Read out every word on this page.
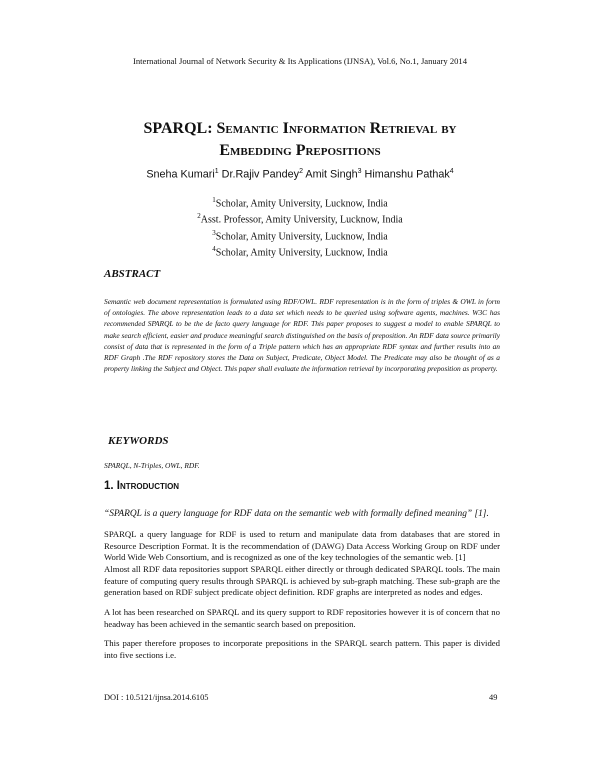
International Journal of Network Security & Its Applications (IJNSA), Vol.6, No.1, January 2014
SPARQL: Semantic Information Retrieval by
Embedding Prepositions
Sneha Kumari$^1$ Dr.Rajiv Pandey$^2$ Amit Singh$^3$ Himanshu Pathak$^4$
$^1$Scholar, Amity University, Lucknow, India
$^2$Asst. Professor, Amity University, Lucknow, India
$^3$Scholar, Amity University, Lucknow, India
$^4$Scholar, Amity University, Lucknow, India
ABSTRACT
Semantic web document representation is formulated using RDF/OWL. RDF representation is in the form of triples & OWL in form of ontologies. The above representation leads to a data set which needs to be queried using software agents, machines. W3C has recommended SPARQL to be the de facto query language for RDF. This paper proposes to suggest a model to enable SPARQL to make search efficient, easier and produce meaningful search distinguished on the basis of preposition. An RDF data source primarily consist of data that is represented in the form of a Triple pattern which has an appropriate RDF syntax and further results into an RDF Graph .The RDF repository stores the Data on Subject, Predicate, Object Model. The Predicate may also be thought of as a property linking the Subject and Object. This paper shall evaluate the information retrieval by incorporating preposition as property.
KEYWORDS
SPARQL, N-Triples, OWL, RDF.
1. Introduction
“SPARQL is a query language for RDF data on the semantic web with formally defined meaning” [1].
SPARQL a query language for RDF is used to return and manipulate data from databases that are stored in Resource Description Format. It is the recommendation of (DAWG) Data Access Working Group on RDF under World Wide Web Consortium, and is recognized as one of the key technologies of the semantic web. [1]
Almost all RDF data repositories support SPARQL either directly or through dedicated SPARQL tools. The main feature of computing query results through SPARQL is achieved by sub-graph matching. These sub-graph are the generation based on RDF subject predicate object definition. RDF graphs are interpreted as nodes and edges.
A lot has been researched on SPARQL and its query support to RDF repositories however it is of concern that no headway has been achieved in the semantic search based on preposition.
This paper therefore proposes to incorporate prepositions in the SPARQL search pattern. This paper is divided into five sections i.e.
DOI : 10.5121/ijnsa.2014.6105	49
